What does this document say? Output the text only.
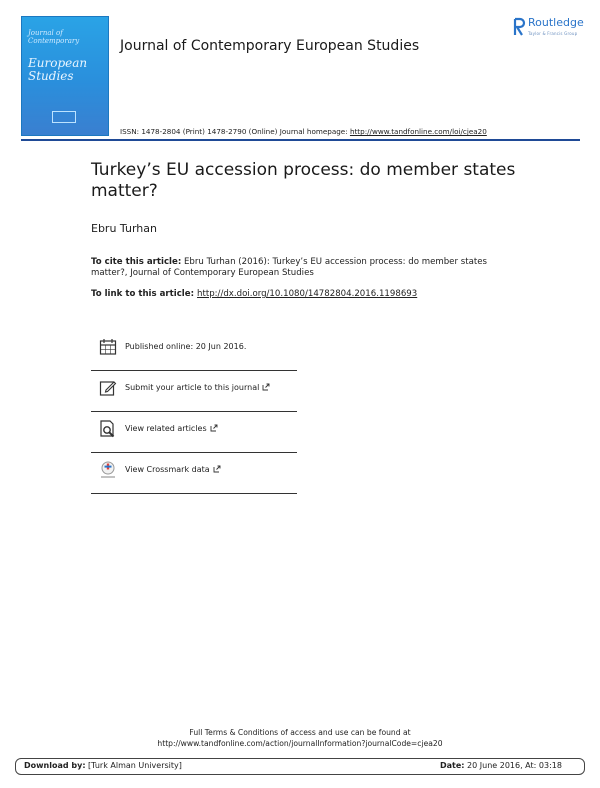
Journal of Contemporary
European Studies
Journal of Contemporary European Studies
Routledge
Taylor & Francis Group
ISSN: 1478-2804 (Print) 1478-2790 (Online) Journal homepage: http://www.tandfonline.com/loi/cjea20
Turkey’s EU accession process: do member states matter?
Ebru Turhan
To cite this article: Ebru Turhan (2016): Turkey’s EU accession process: do member states matter?, Journal of Contemporary European Studies
To link to this article: http://dx.doi.org/10.1080/14782804.2016.1198693
Published online: 20 Jun 2016.
Submit your article to this journal
View related articles
View Crossmark data
Full Terms & Conditions of access and use can be found at
http://www.tandfonline.com/action/journalInformation?journalCode=cjea20
Download by: [Turk Alman University]	Date: 20 June 2016, At: 03:18
